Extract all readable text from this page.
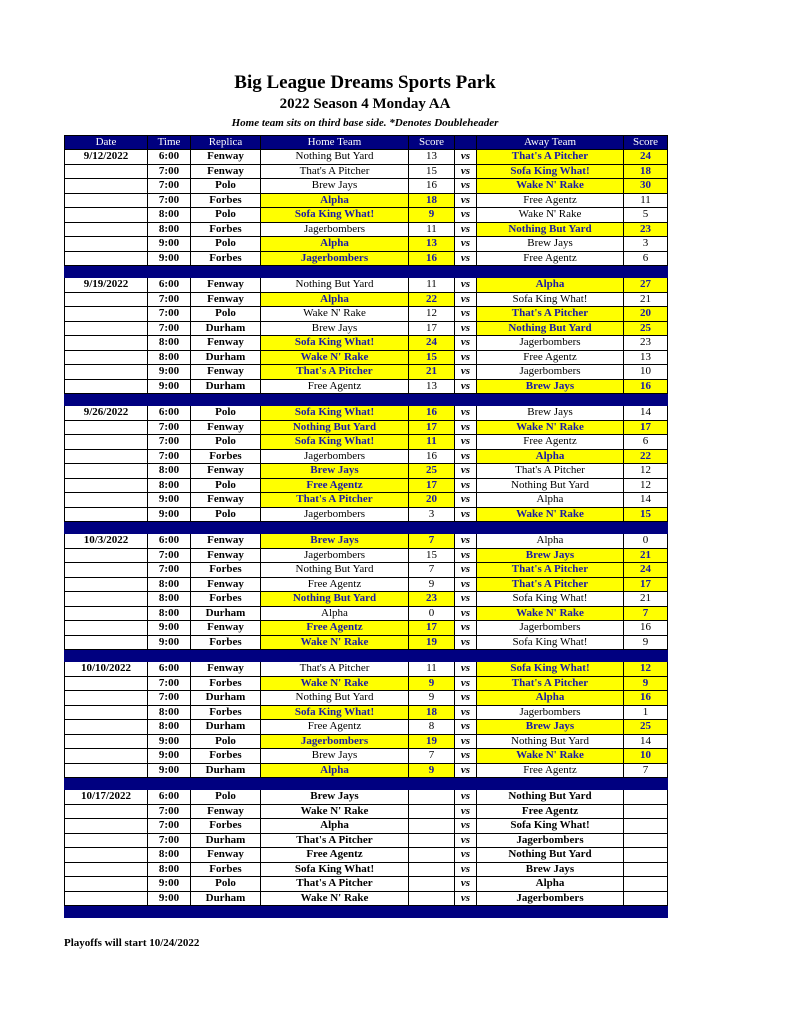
Big League Dreams Sports Park
2022 Season 4 Monday AA
Home team sits on third base side. *Denotes Doubleheader
Date	Time	Replica	Home Team	Score		Away Team	Score
9/12/2022	6:00	Fenway	Nothing But Yard	13	vs	That's A Pitcher	24
	7:00	Fenway	That's A Pitcher	15	vs	Sofa King What!	18
	7:00	Polo	Brew Jays	16	vs	Wake N' Rake	30
	7:00	Forbes	Alpha	18	vs	Free Agentz	11
	8:00	Polo	Sofa King What!	9	vs	Wake N' Rake	5
	8:00	Forbes	Jagerbombers	11	vs	Nothing But Yard	23
	9:00	Polo	Alpha	13	vs	Brew Jays	3
	9:00	Forbes	Jagerbombers	16	vs	Free Agentz	6

9/19/2022	6:00	Fenway	Nothing But Yard	11	vs	Alpha	27
	7:00	Fenway	Alpha	22	vs	Sofa King What!	21
	7:00	Polo	Wake N' Rake	12	vs	That's A Pitcher	20
	7:00	Durham	Brew Jays	17	vs	Nothing But Yard	25
	8:00	Fenway	Sofa King What!	24	vs	Jagerbombers	23
	8:00	Durham	Wake N' Rake	15	vs	Free Agentz	13
	9:00	Fenway	That's A Pitcher	21	vs	Jagerbombers	10
	9:00	Durham	Free Agentz	13	vs	Brew Jays	16

9/26/2022	6:00	Polo	Sofa King What!	16	vs	Brew Jays	14
	7:00	Fenway	Nothing But Yard	17	vs	Wake N' Rake	17
	7:00	Polo	Sofa King What!	11	vs	Free Agentz	6
	7:00	Forbes	Jagerbombers	16	vs	Alpha	22
	8:00	Fenway	Brew Jays	25	vs	That's A Pitcher	12
	8:00	Polo	Free Agentz	17	vs	Nothing But Yard	12
	9:00	Fenway	That's A Pitcher	20	vs	Alpha	14
	9:00	Polo	Jagerbombers	3	vs	Wake N' Rake	15

10/3/2022	6:00	Fenway	Brew Jays	7	vs	Alpha	0
	7:00	Fenway	Jagerbombers	15	vs	Brew Jays	21
	7:00	Forbes	Nothing But Yard	7	vs	That's A Pitcher	24
	8:00	Fenway	Free Agentz	9	vs	That's A Pitcher	17
	8:00	Forbes	Nothing But Yard	23	vs	Sofa King What!	21
	8:00	Durham	Alpha	0	vs	Wake N' Rake	7
	9:00	Fenway	Free Agentz	17	vs	Jagerbombers	16
	9:00	Forbes	Wake N' Rake	19	vs	Sofa King What!	9

10/10/2022	6:00	Fenway	That's A Pitcher	11	vs	Sofa King What!	12
	7:00	Forbes	Wake N' Rake	9	vs	That's A Pitcher	9
	7:00	Durham	Nothing But Yard	9	vs	Alpha	16
	8:00	Forbes	Sofa King What!	18	vs	Jagerbombers	1
	8:00	Durham	Free Agentz	8	vs	Brew Jays	25
	9:00	Polo	Jagerbombers	19	vs	Nothing But Yard	14
	9:00	Forbes	Brew Jays	7	vs	Wake N' Rake	10
	9:00	Durham	Alpha	9	vs	Free Agentz	7

10/17/2022	6:00	Polo	Brew Jays		vs	Nothing But Yard	
	7:00	Fenway	Wake N' Rake		vs	Free Agentz	
	7:00	Forbes	Alpha		vs	Sofa King What!	
	7:00	Durham	That's A Pitcher		vs	Jagerbombers	
	8:00	Fenway	Free Agentz		vs	Nothing But Yard	
	8:00	Forbes	Sofa King What!		vs	Brew Jays	
	9:00	Polo	That's A Pitcher		vs	Alpha	
	9:00	Durham	Wake N' Rake		vs	Jagerbombers	

Playoffs will start 10/24/2022
